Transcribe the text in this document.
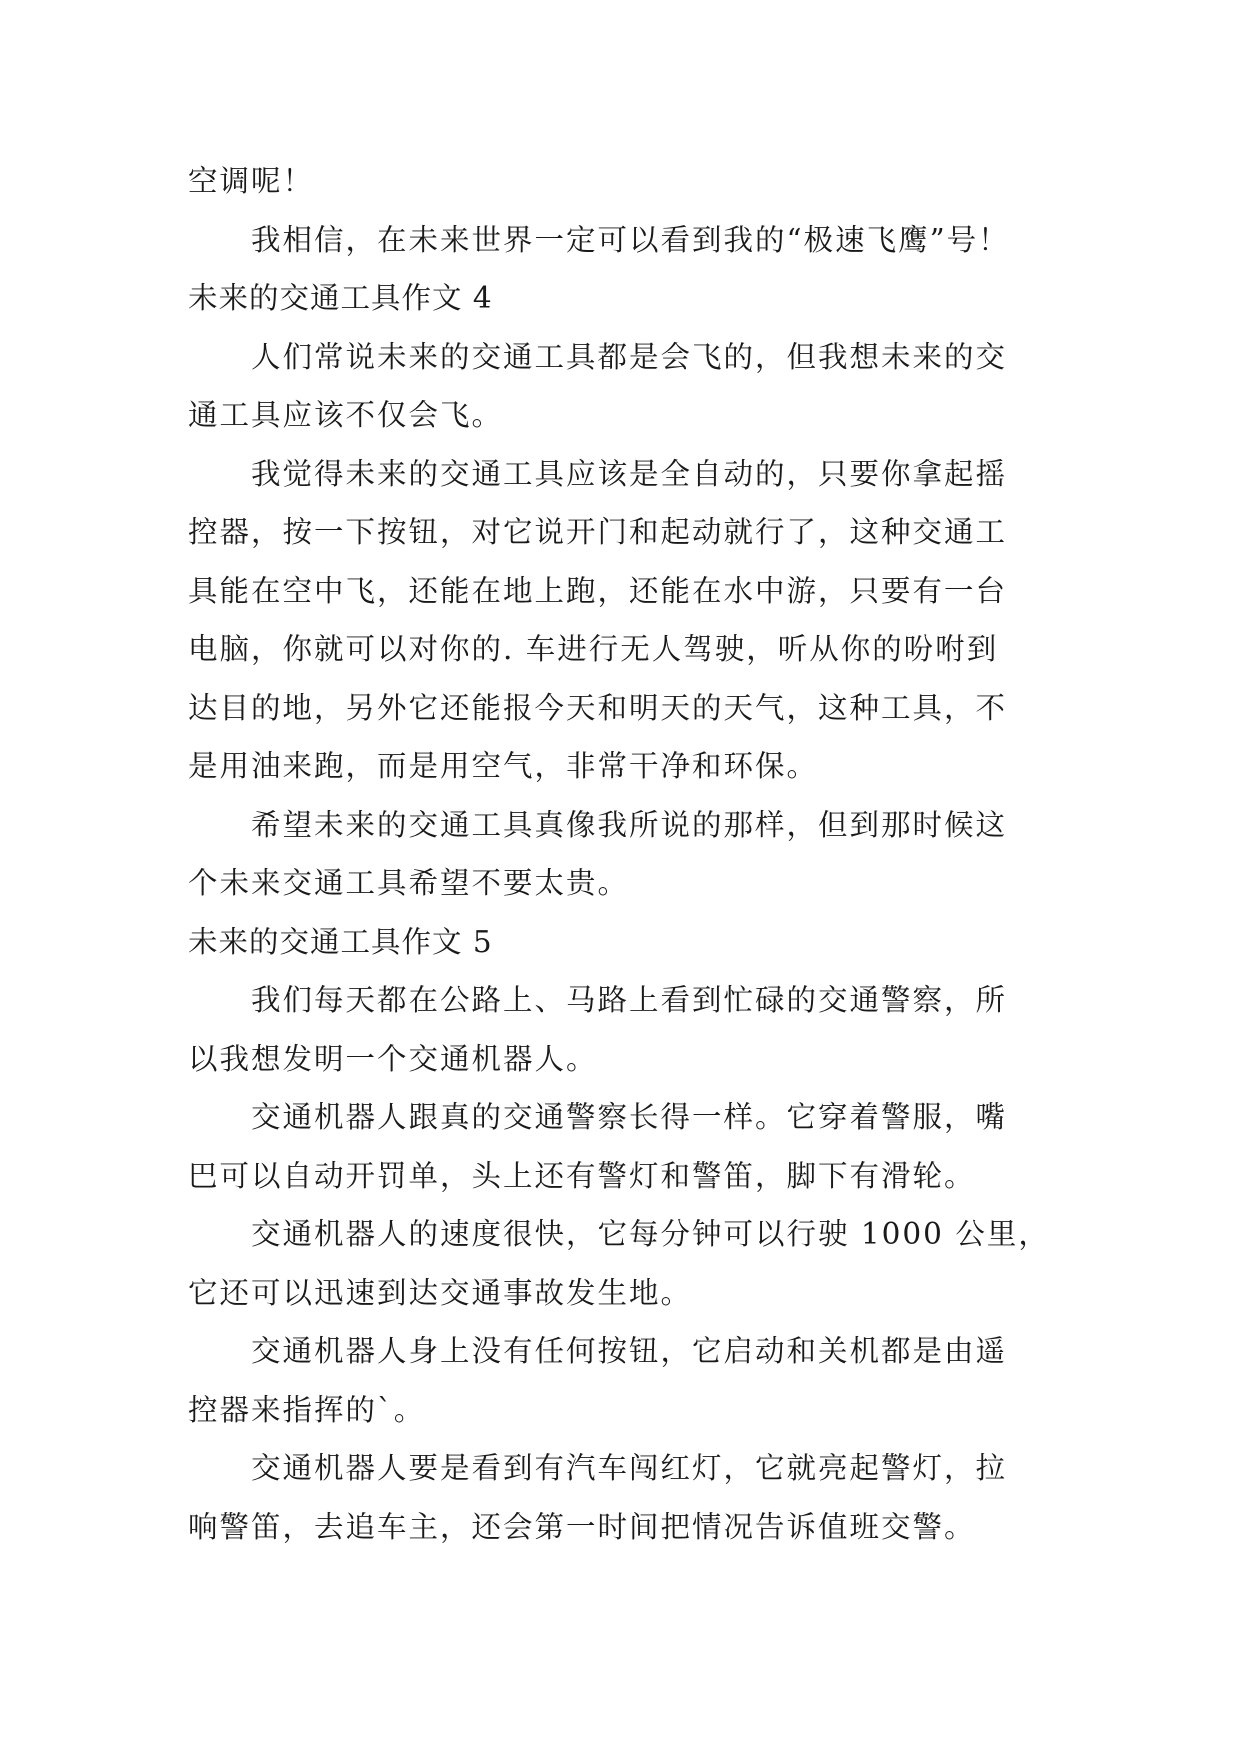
空调呢！
我相信，在未来世界一定可以看到我的“极速飞鹰”号！
未来的交通工具作文 4
人们常说未来的交通工具都是会飞的，但我想未来的交
通工具应该不仅会飞。
我觉得未来的交通工具应该是全自动的，只要你拿起摇
控器，按一下按钮，对它说开门和起动就行了，这种交通工
具能在空中飞，还能在地上跑，还能在水中游，只要有一台
电脑，你就可以对你的. 车进行无人驾驶，听从你的吩咐到
达目的地，另外它还能报今天和明天的天气，这种工具，不
是用油来跑，而是用空气，非常干净和环保。
希望未来的交通工具真像我所说的那样，但到那时候这
个未来交通工具希望不要太贵。
未来的交通工具作文 5
我们每天都在公路上、马路上看到忙碌的交通警察，所
以我想发明一个交通机器人。
交通机器人跟真的交通警察长得一样。它穿着警服，嘴
巴可以自动开罚单，头上还有警灯和警笛，脚下有滑轮。
交通机器人的速度很快，它每分钟可以行驶 1000 公里，
它还可以迅速到达交通事故发生地。
交通机器人身上没有任何按钮，它启动和关机都是由遥
控器来指挥的`。
交通机器人要是看到有汽车闯红灯，它就亮起警灯，拉
响警笛，去追车主，还会第一时间把情况告诉值班交警。
